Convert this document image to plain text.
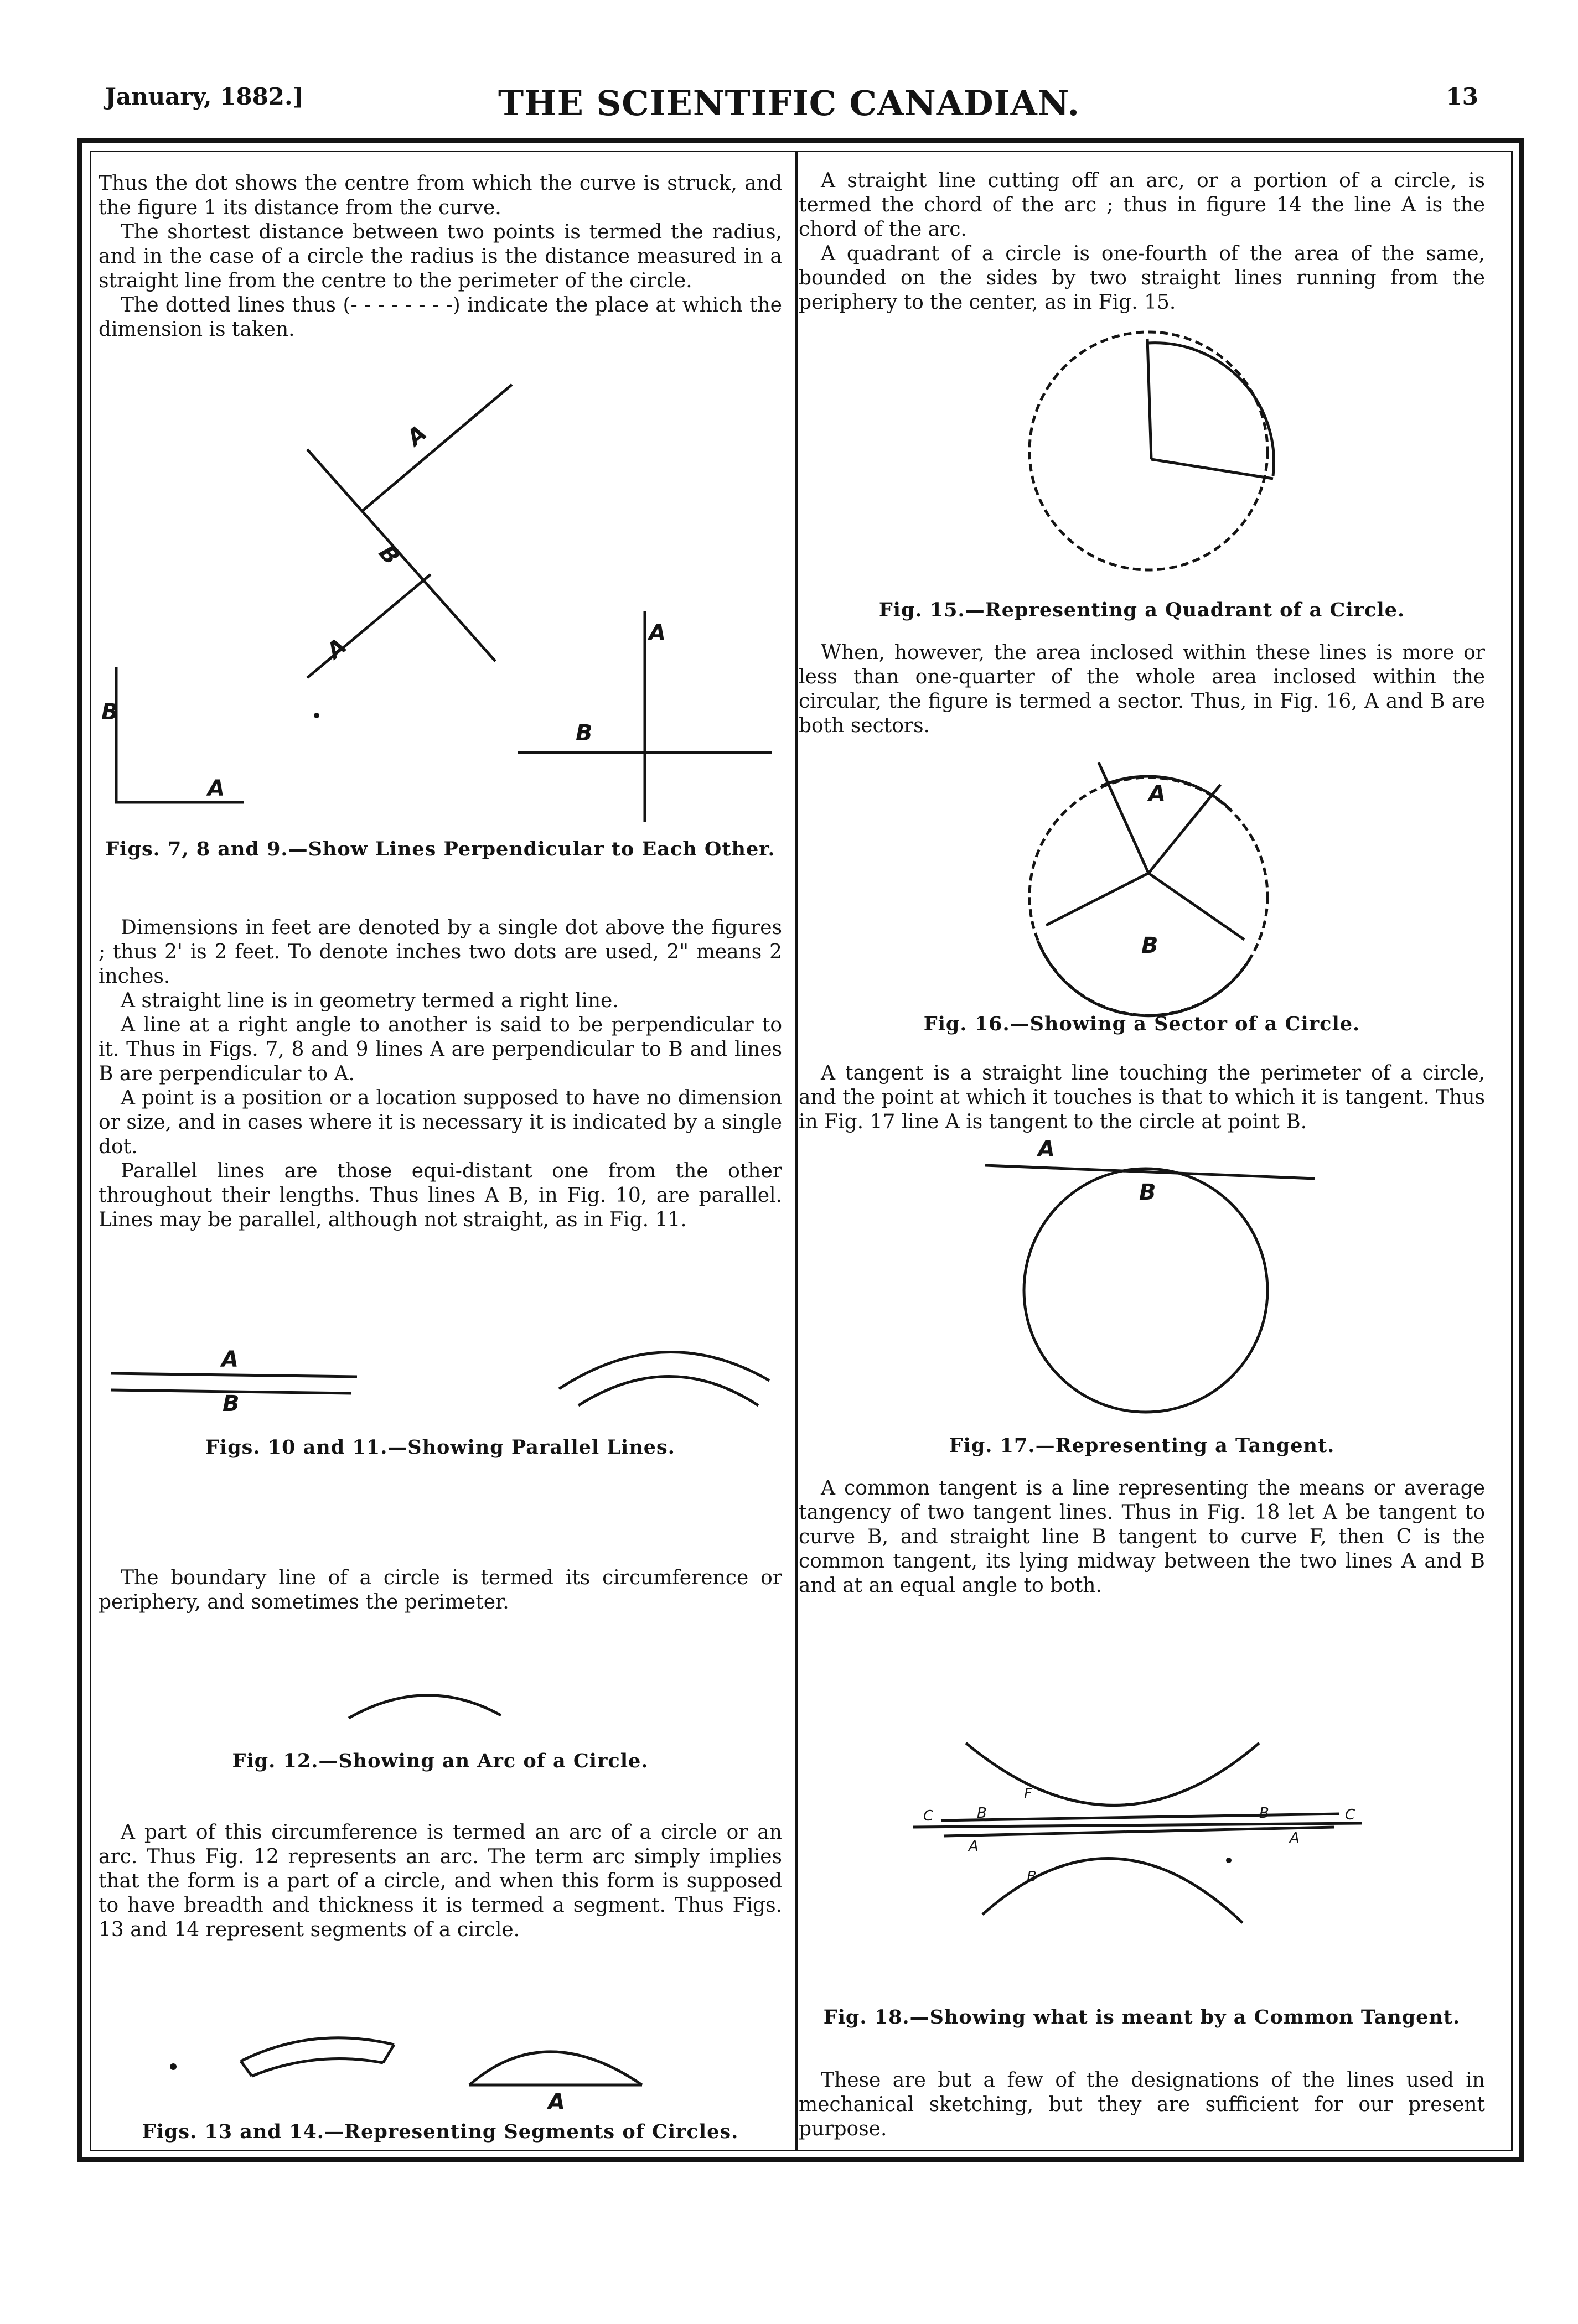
January, 1882.]	THE SCIENTIFIC CANADIAN.	13

Thus the dot shows the centre from which the curve is struck, and the figure 1 its distance from the curve.

The shortest distance between two points is termed the radius, and in the case of a circle the radius is the distance measured in a straight line from the centre to the perimeter of the circle.

The dotted lines thus (- - - - - - - -) indicate the place at which the dimension is taken.

A
B
A
B
A
A
B
Figs. 7, 8 and 9.—Show Lines Perpendicular to Each Other.

Dimensions in feet are denoted by a single dot above the figures ; thus 2' is 2 feet. To denote inches two dots are used, 2" means 2 inches.

A straight line is in geometry termed a right line.

A line at a right angle to another is said to be perpendicular to it. Thus in Figs. 7, 8 and 9 lines A are perpendicular to B and lines B are perpendicular to A.

A point is a position or a location supposed to have no dimension or size, and in cases where it is necessary it is indicated by a single dot.

Parallel lines are those equi-distant one from the other throughout their lengths. Thus lines A B, in Fig. 10, are parallel. Lines may be parallel, although not straight, as in Fig. 11.

A
B
Figs. 10 and 11.—Showing Parallel Lines.

The boundary line of a circle is termed its circumference or periphery, and sometimes the perimeter.

Fig. 12.—Showing an Arc of a Circle.

A part of this circumference is termed an arc of a circle or an arc. Thus Fig. 12 represents an arc. The term arc simply implies that the form is a part of a circle, and when this form is supposed to have breadth and thickness it is termed a segment. Thus Figs. 13 and 14 represent segments of a circle.

A
Figs. 13 and 14.—Representing Segments of Circles.

A straight line cutting off an arc, or a portion of a circle, is termed the chord of the arc ; thus in figure 14 the line A is the chord of the arc.

A quadrant of a circle is one-fourth of the area of the same, bounded on the sides by two straight lines running from the periphery to the center, as in Fig. 15.

Fig. 15.—Representing a Quadrant of a Circle.

When, however, the area inclosed within these lines is more or less than one-quarter of the whole area inclosed within the circular, the figure is termed a sector. Thus, in Fig. 16, A and B are both sectors.

A
B
Fig. 16.—Showing a Sector of a Circle.

A tangent is a straight line touching the perimeter of a circle, and the point at which it touches is that to which it is tangent. Thus in Fig. 17 line A is tangent to the circle at point B.

A
B
Fig. 17.—Representing a Tangent.

A common tangent is a line representing the means or average tangency of two tangent lines. Thus in Fig. 18 let A be tangent to curve B, and straight line B tangent to curve F, then C is the common tangent, its lying midway between the two lines A and B and at an equal angle to both.

C	B
F
A
B
B
A
C
Fig. 18.—Showing what is meant by a Common Tangent.

These are but a few of the designations of the lines used in mechanical sketching, but they are sufficient for our present purpose.
